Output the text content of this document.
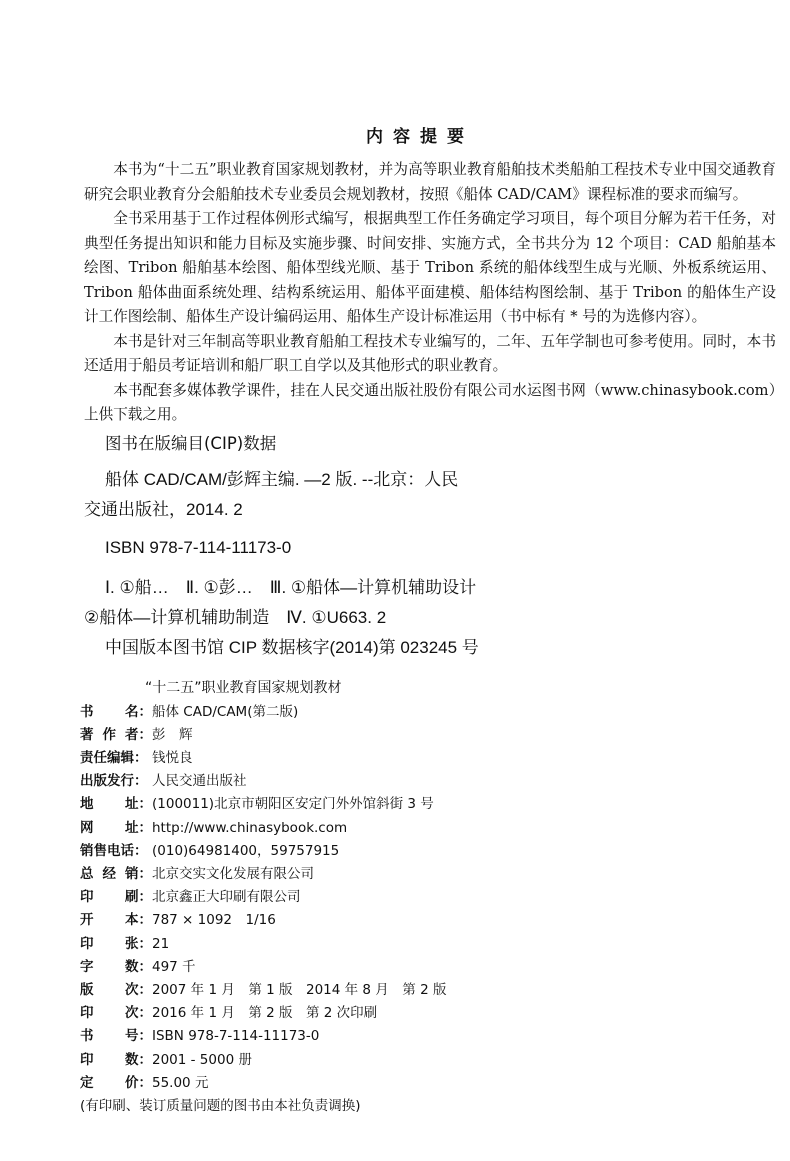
内容提要

本书为“十二五”职业教育国家规划教材，并为高等职业教育船舶技术类船舶工程技术专业中国交通教育研究会职业教育分会船舶技术专业委员会规划教材，按照《船体 CAD/CAM》课程标准的要求而编写。

全书采用基于工作过程体例形式编写，根据典型工作任务确定学习项目，每个项目分解为若干任务，对典型任务提出知识和能力目标及实施步骤、时间安排、实施方式，全书共分为 12 个项目：CAD 船舶基本绘图、Tribon 船舶基本绘图、船体型线光顺、基于 Tribon 系统的船体线型生成与光顺、外板系统运用、Tribon 船体曲面系统处理、结构系统运用、船体平面建模、船体结构图绘制、基于 Tribon 的船体生产设计工作图绘制、船体生产设计编码运用、船体生产设计标准运用（书中标有 * 号的为选修内容）。

本书是针对三年制高等职业教育船舶工程技术专业编写的，二年、五年学制也可参考使用。同时，本书还适用于船员考证培训和船厂职工自学以及其他形式的职业教育。

本书配套多媒体教学课件，挂在人民交通出版社股份有限公司水运图书网（www.chinasybook.com）上供下载之用。

图书在版编目(CIP)数据
船体 CAD/CAM/彭辉主编. —2 版. --北京：人民
交通出版社，2014. 2
ISBN 978-7-114-11173-0
Ⅰ. ①船…　Ⅱ. ①彭…　Ⅲ. ①船体—计算机辅助设计
②船体—计算机辅助制造　Ⅳ. ①U663. 2
中国版本图书馆 CIP 数据核字(2014)第 023245 号
“十二五”职业教育国家规划教材
书 名： 船体 CAD/CAM(第二版)
著 作 者： 彭　辉
责任编辑： 钱悦良
出版发行： 人民交通出版社
地 址： (100011)北京市朝阳区安定门外外馆斜街 3 号
网 址： http://www.chinasybook.com
销售电话： (010)64981400，59757915
总 经 销： 北京交实文化发展有限公司
印 刷： 北京鑫正大印刷有限公司
开 本： 787 × 1092　1/16
印 张： 21
字 数： 497 千
版 次： 2007 年 1 月　第 1 版　2014 年 8 月　第 2 版
印 次： 2016 年 1 月　第 2 版　第 2 次印刷
书 号： ISBN 978-7-114-11173-0
印 数： 2001 - 5000 册
定 价： 55.00 元
(有印刷、装订质量问题的图书由本社负责调换)
